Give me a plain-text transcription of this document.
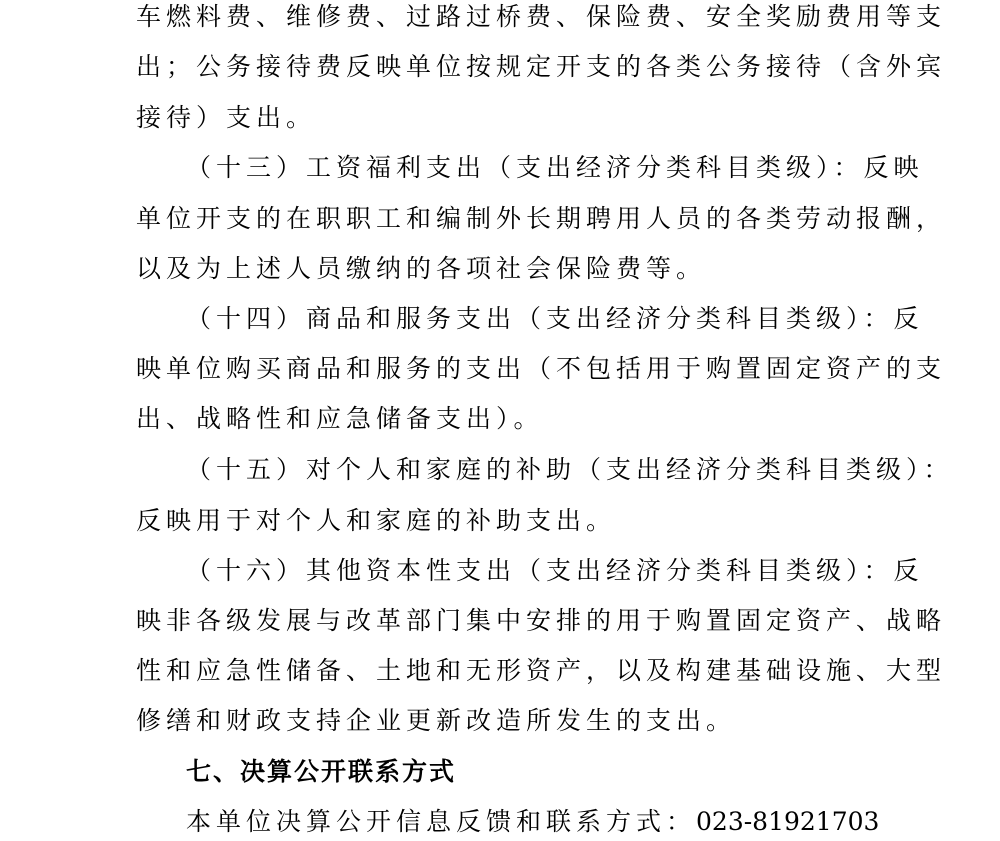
车燃料费、维修费、过路过桥费、保险费、安全奖励费用等支
出；公务接待费反映单位按规定开支的各类公务接待（含外宾
接待）支出。
（十三）工资福利支出（支出经济分类科目类级）：反映
单位开支的在职职工和编制外长期聘用人员的各类劳动报酬，
以及为上述人员缴纳的各项社会保险费等。
（十四）商品和服务支出（支出经济分类科目类级）：反
映单位购买商品和服务的支出（不包括用于购置固定资产的支
出、战略性和应急储备支出）。
（十五）对个人和家庭的补助（支出经济分类科目类级）：
反映用于对个人和家庭的补助支出。
（十六）其他资本性支出（支出经济分类科目类级）：反
映非各级发展与改革部门集中安排的用于购置固定资产、战略
性和应急性储备、土地和无形资产，以及构建基础设施、大型
修缮和财政支持企业更新改造所发生的支出。
七、决算公开联系方式
本单位决算公开信息反馈和联系方式：023-81921703
